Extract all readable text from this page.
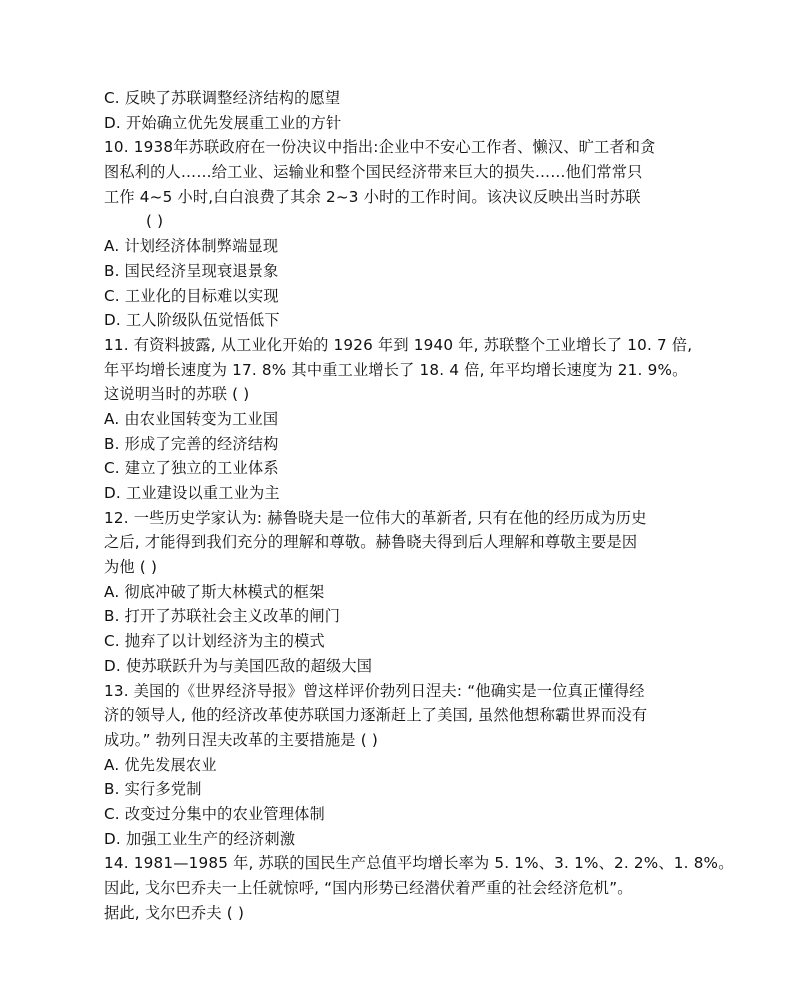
C. 反映了苏联调整经济结构的愿望
D. 开始确立优先发展重工业的方针
10. 1938年苏联政府在一份决议中指出:企业中不安心工作者、懒汉、旷工者和贪
图私利的人……给工业、运输业和整个国民经济带来巨大的损失……他们常常只
工作 4~5 小时,白白浪费了其余 2~3 小时的工作时间。该决议反映出当时苏联
( )
A. 计划经济体制弊端显现
B. 国民经济呈现衰退景象
C. 工业化的目标难以实现
D. 工人阶级队伍觉悟低下
11. 有资料披露, 从工业化开始的 1926 年到 1940 年, 苏联整个工业增长了 10. 7 倍,
年平均增长速度为 17. 8% 其中重工业增长了 18. 4 倍, 年平均增长速度为 21. 9%。
这说明当时的苏联 ( )
A. 由农业国转变为工业国
B. 形成了完善的经济结构
C. 建立了独立的工业体系
D. 工业建设以重工业为主
12. 一些历史学家认为: 赫鲁晓夫是一位伟大的革新者, 只有在他的经历成为历史
之后, 才能得到我们充分的理解和尊敬。赫鲁晓夫得到后人理解和尊敬主要是因
为他 ( )
A. 彻底冲破了斯大林模式的框架
B. 打开了苏联社会主义改革的闸门
C. 抛弃了以计划经济为主的模式
D. 使苏联跃升为与美国匹敌的超级大国
13. 美国的《世界经济导报》曾这样评价勃列日涅夫: “他确实是一位真正懂得经
济的领导人, 他的经济改革使苏联国力逐渐赶上了美国, 虽然他想称霸世界而没有
成功。” 勃列日涅夫改革的主要措施是 ( )
A. 优先发展农业
B. 实行多党制
C. 改变过分集中的农业管理体制
D. 加强工业生产的经济刺激
14. 1981—1985 年, 苏联的国民生产总值平均增长率为 5. 1%、3. 1%、2. 2%、1. 8%。
因此, 戈尔巴乔夫一上任就惊呼, “国内形势已经潜伏着严重的社会经济危机”。
据此, 戈尔巴乔夫 ( )
